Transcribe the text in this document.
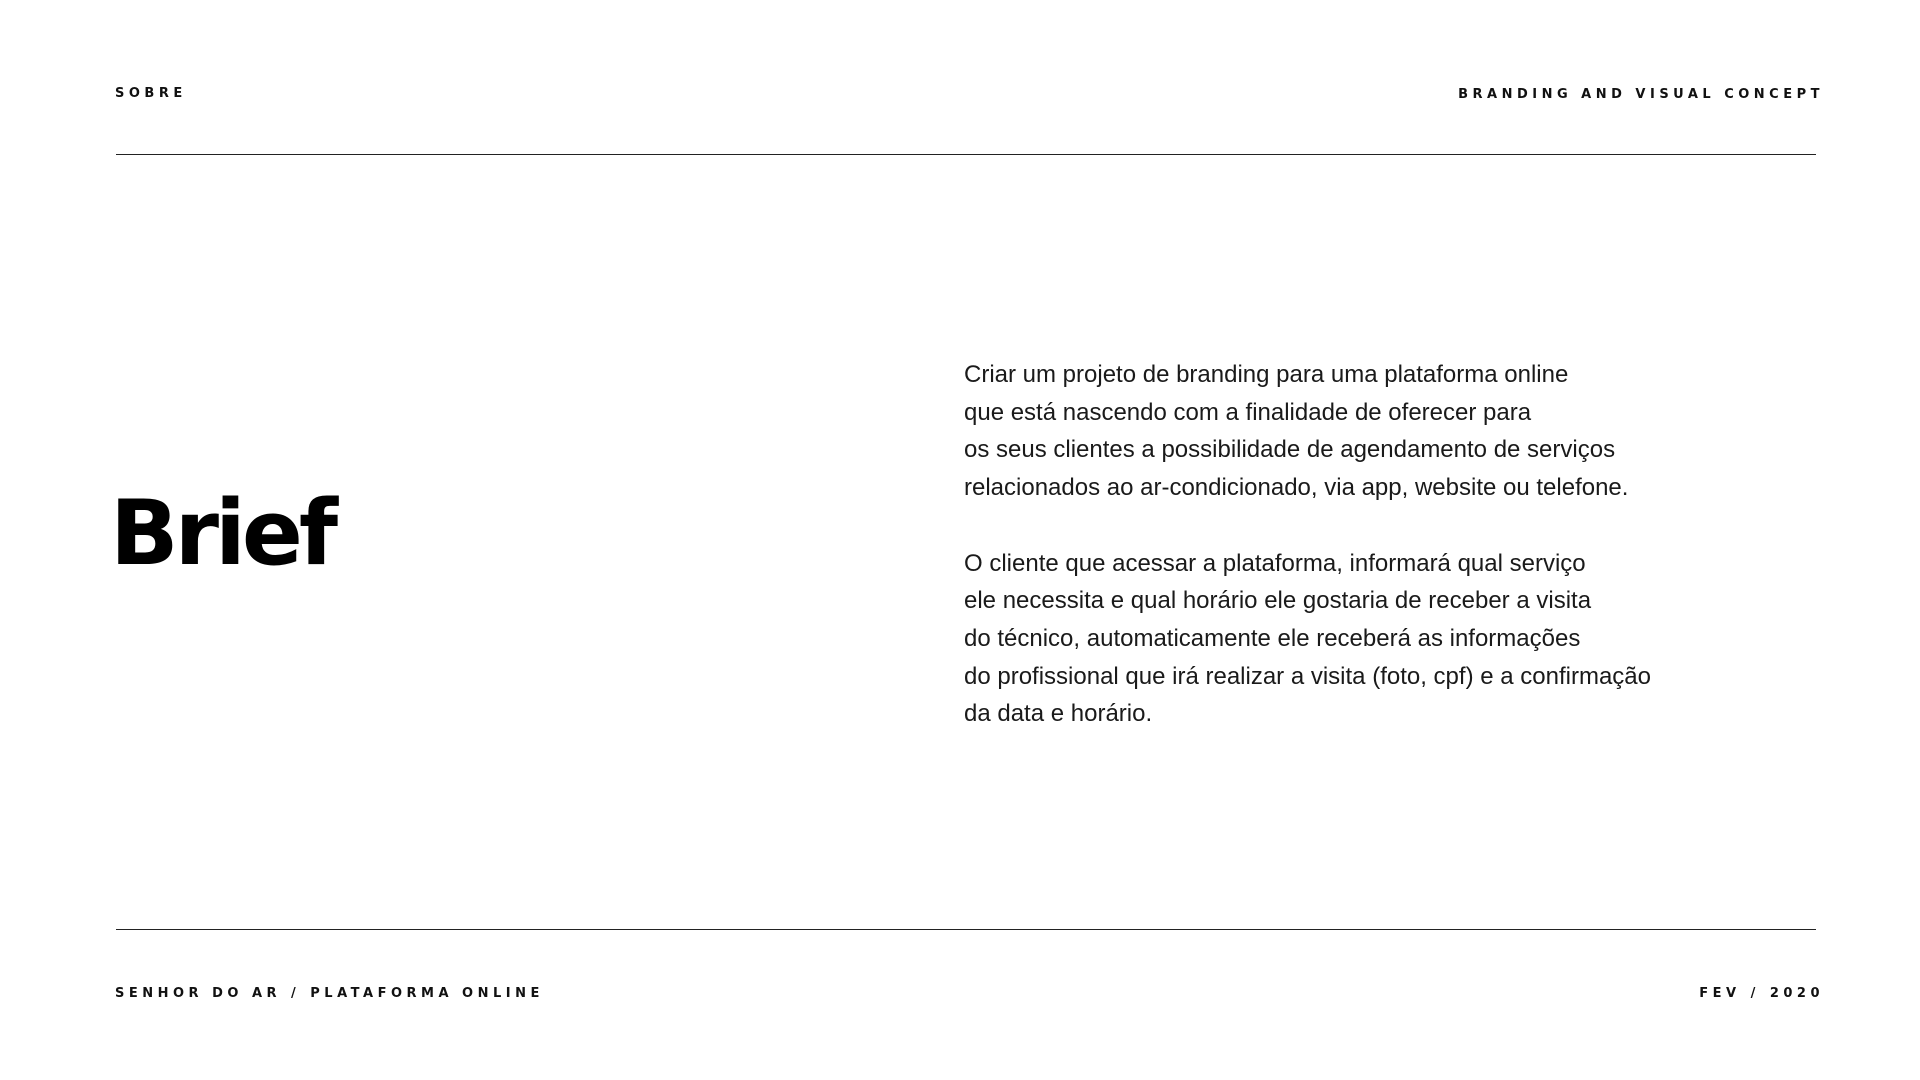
SOBRE	BRANDING AND VISUAL CONCEPT
Brief

Criar um projeto de branding para uma plataforma online
que está nascendo com a finalidade de oferecer para
os seus clientes a possibilidade de agendamento de serviços
relacionados ao ar-condicionado, via app, website ou telefone.

O cliente que acessar a plataforma, informará qual serviço
ele necessita e qual horário ele gostaria de receber a visita
do técnico, automaticamente ele receberá as informações
do profissional que irá realizar a visita (foto, cpf) e a confirmação
da data e horário.

SENHOR DO AR / PLATAFORMA ONLINE	FEV / 2020
